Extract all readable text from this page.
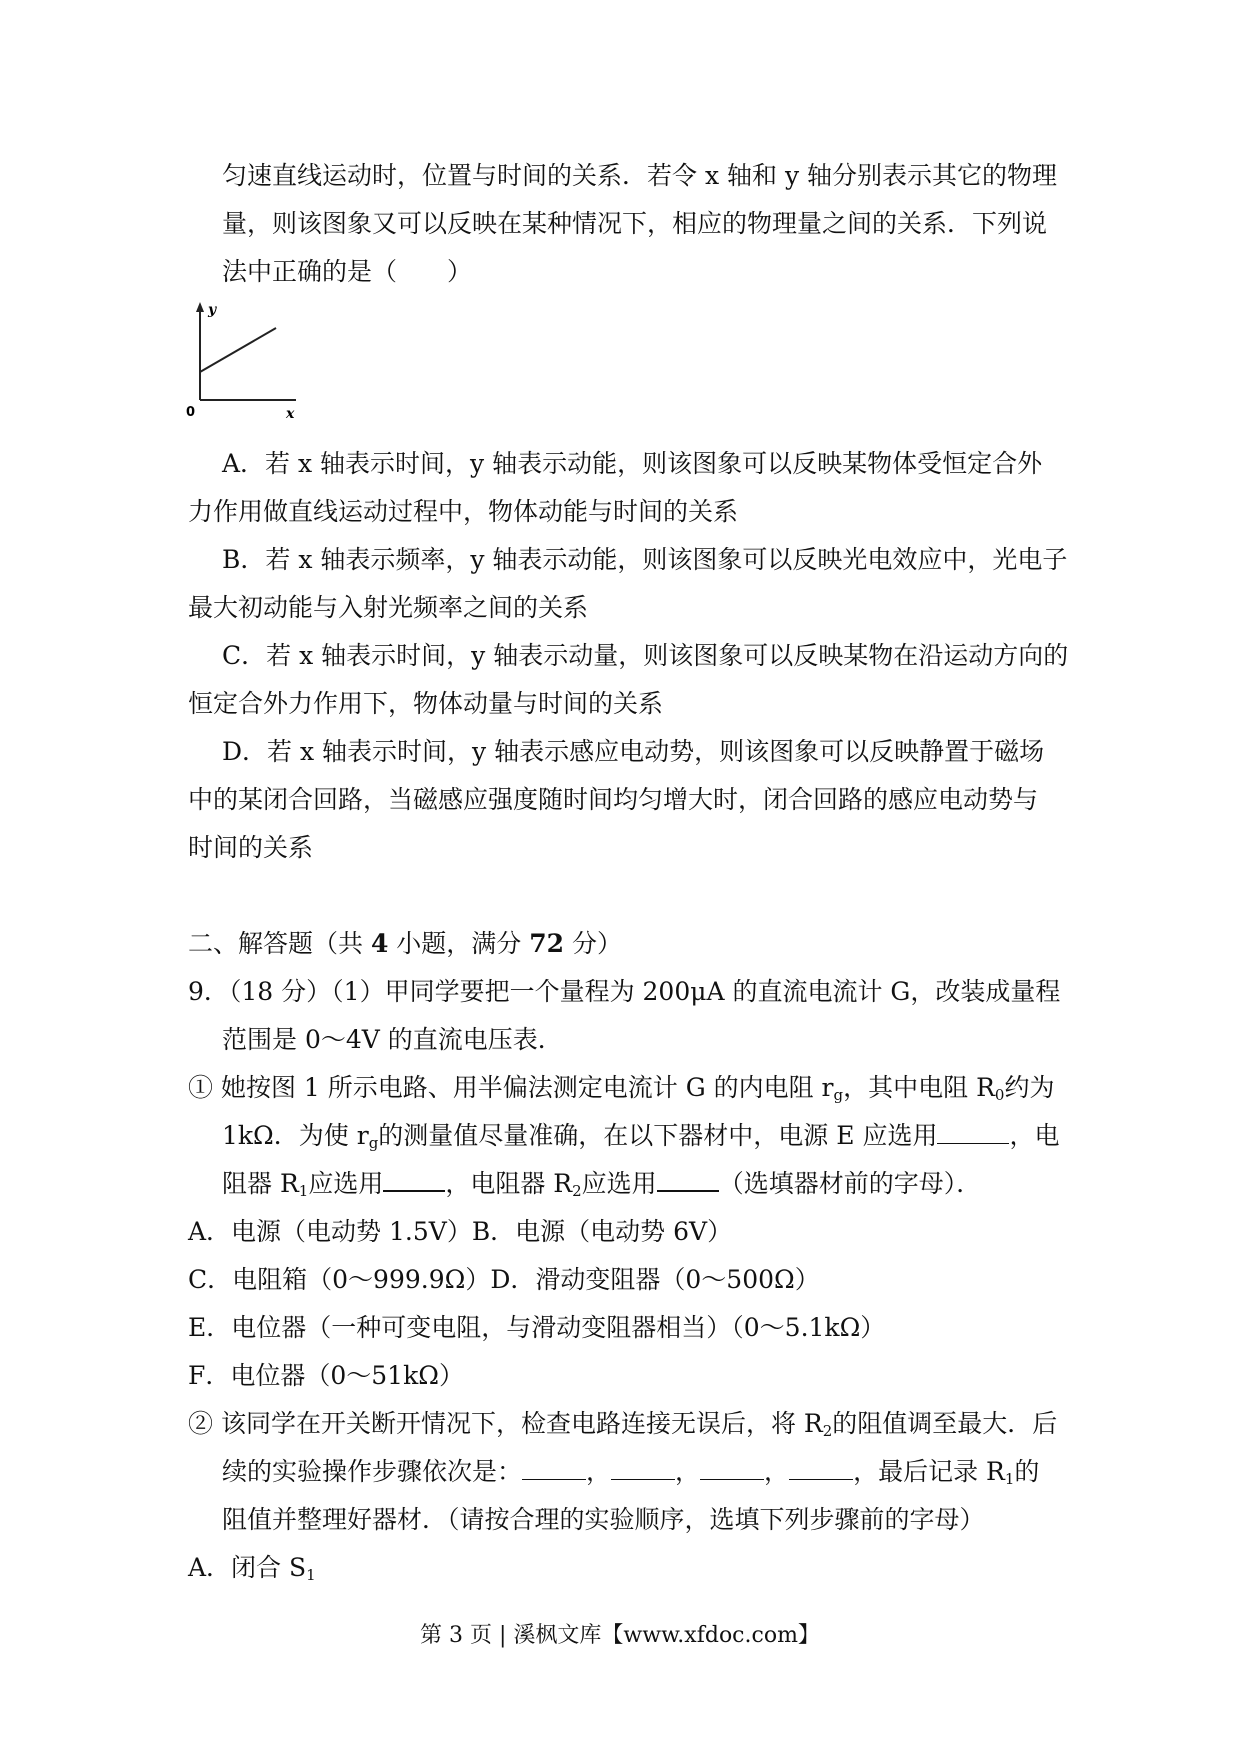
匀速直线运动时，位置与时间的关系．若令 x 轴和 y 轴分别表示其它的物理
量，则该图象又可以反映在某种情况下，相应的物理量之间的关系．下列说
法中正确的是（　　）
y
x
0
A．若 x 轴表示时间，y 轴表示动能，则该图象可以反映某物体受恒定合外
力作用做直线运动过程中，物体动能与时间的关系
B．若 x 轴表示频率，y 轴表示动能，则该图象可以反映光电效应中，光电子
最大初动能与入射光频率之间的关系
C．若 x 轴表示时间，y 轴表示动量，则该图象可以反映某物在沿运动方向的
恒定合外力作用下，物体动量与时间的关系
D．若 x 轴表示时间，y 轴表示感应电动势，则该图象可以反映静置于磁场
中的某闭合回路，当磁感应强度随时间均匀增大时，闭合回路的感应电动势与
时间的关系
二、解答题（共 4 小题，满分 72 分）
9．（18 分）（1）甲同学要把一个量程为 200μA 的直流电流计 G，改装成量程
范围是 0～4V 的直流电压表．
① 她按图 1 所示电路、用半偏法测定电流计 G 的内电阻 $r_g$，其中电阻 $R_0$约为
1kΩ．为使 $r_g$的测量值尽量准确，在以下器材中，电源 E 应选用	，电
阻器 $R_1$应选用 ，电阻器 $R_2$应选用 （选填器材前的字母）．
A．电源（电动势 1.5V）B．电源（电动势 6V）
C．电阻箱（0～999.9Ω）D．滑动变阻器（0～500Ω）
E．电位器（一种可变电阻，与滑动变阻器相当）（0～5.1kΩ）
F．电位器（0～51kΩ）
② 该同学在开关断开情况下，检查电路连接无误后，将 $R_2$的阻值调至最大．后
续的实验操作步骤依次是：	，	，	，	，最后记录 $R_1$的
阻值并整理好器材．（请按合理的实验顺序，选填下列步骤前的字母）
A．闭合 $S_1$
第 3 页 | 溪枫文库【www.xfdoc.com】
